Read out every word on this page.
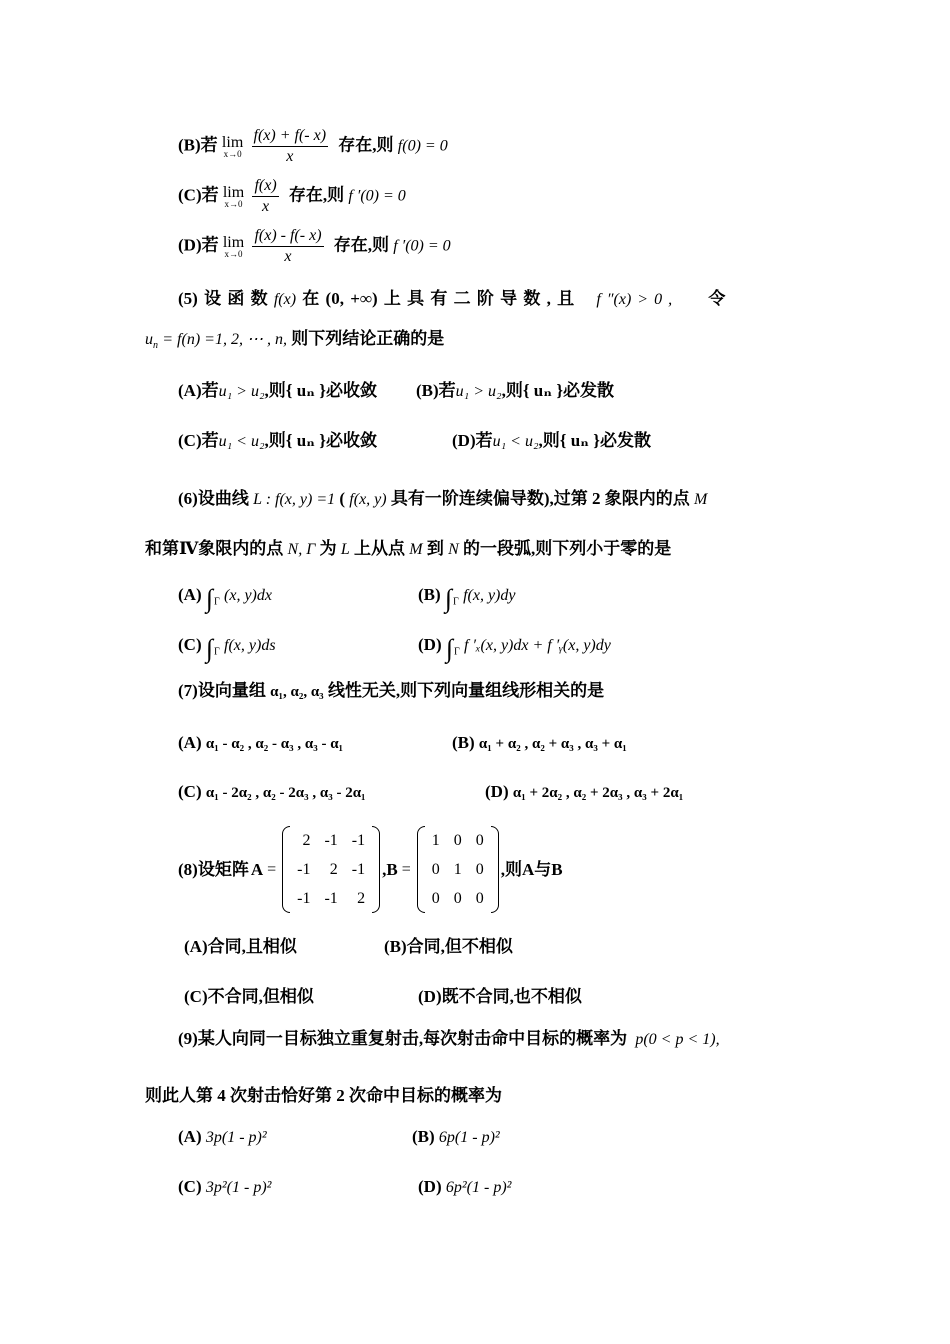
(B)若 lim
x→0
$\frac{f(x) + f(- x)}{x}$ 存在,则 f(0) = 0
(C)若 lim
x→0
$\frac{f(x)}{x}$ 存在,则 f ′(0) = 0
(D)若 lim
x→0
$\frac{f(x) - f(- x)}{x}$ 存在,则 f ′(0) = 0
(5) 设 函 数 f(x) 在 (0, +∞) 上 具 有 二 阶 导 数 , 且 f ″(x) > 0 , 令
$u_n = f(n) =1$, 2, ⋯ , n, 则下列结论正确的是
(A)若u₁ > u₂,则{ uₙ }必收敛 (B)若u₁ > u₂,则{ uₙ }必发散
(C)若u₁ < u₂,则{ uₙ }必收敛	(D)若u₁ < u₂,则{ uₙ }必发散
(6)设曲线 L : f(x, y) =1 ( f(x, y) 具有一阶连续偏导数),过第 2 象限内的点 M
和第Ⅳ象限内的点 N, Γ 为 L 上从点 M 到 N 的一段弧,则下列小于零的是
(A) $\int_\Gamma$ (x, y)dx	(B) $\int_\Gamma$ f(x, y)dy
(C) $\int_\Gamma$ f(x, y)ds	(D) $\int_\Gamma$ f ′ₓ(x, y)dx + f ′ᵧ(x, y)dy
(7)设向量组 α₁, α₂, α₃ 线性无关,则下列向量组线形相关的是
(A) α₁ - α₂ , α₂ - α₃ , α₃ - α₁	(B) α₁ + α₂ , α₂ + α₃ , α₃ + α₁
(C) α₁ - 2α₂ , α₂ - 2α₃ , α₃ - 2α₁	(D) α₁ + 2α₂ , α₂ + 2α₃ , α₃ + 2α₁
(8)设矩阵 A =
2	-1	-1
-1	2	-1
-1	-1	2
, B =
1	0	0
0	1	0
0	0	0
,则 A 与 B
(A)合同,且相似	(B)合同,但不相似
(C)不合同,但相似	(D)既不合同,也不相似
(9)某人向同一目标独立重复射击,每次射击命中目标的概率为 p(0 < p < 1),
则此人第 4 次射击恰好第 2 次命中目标的概率为
(A) 3p(1 - p)²	(B) 6p(1 - p)²
(C) 3p²(1 - p)²	(D) 6p²(1 - p)²
